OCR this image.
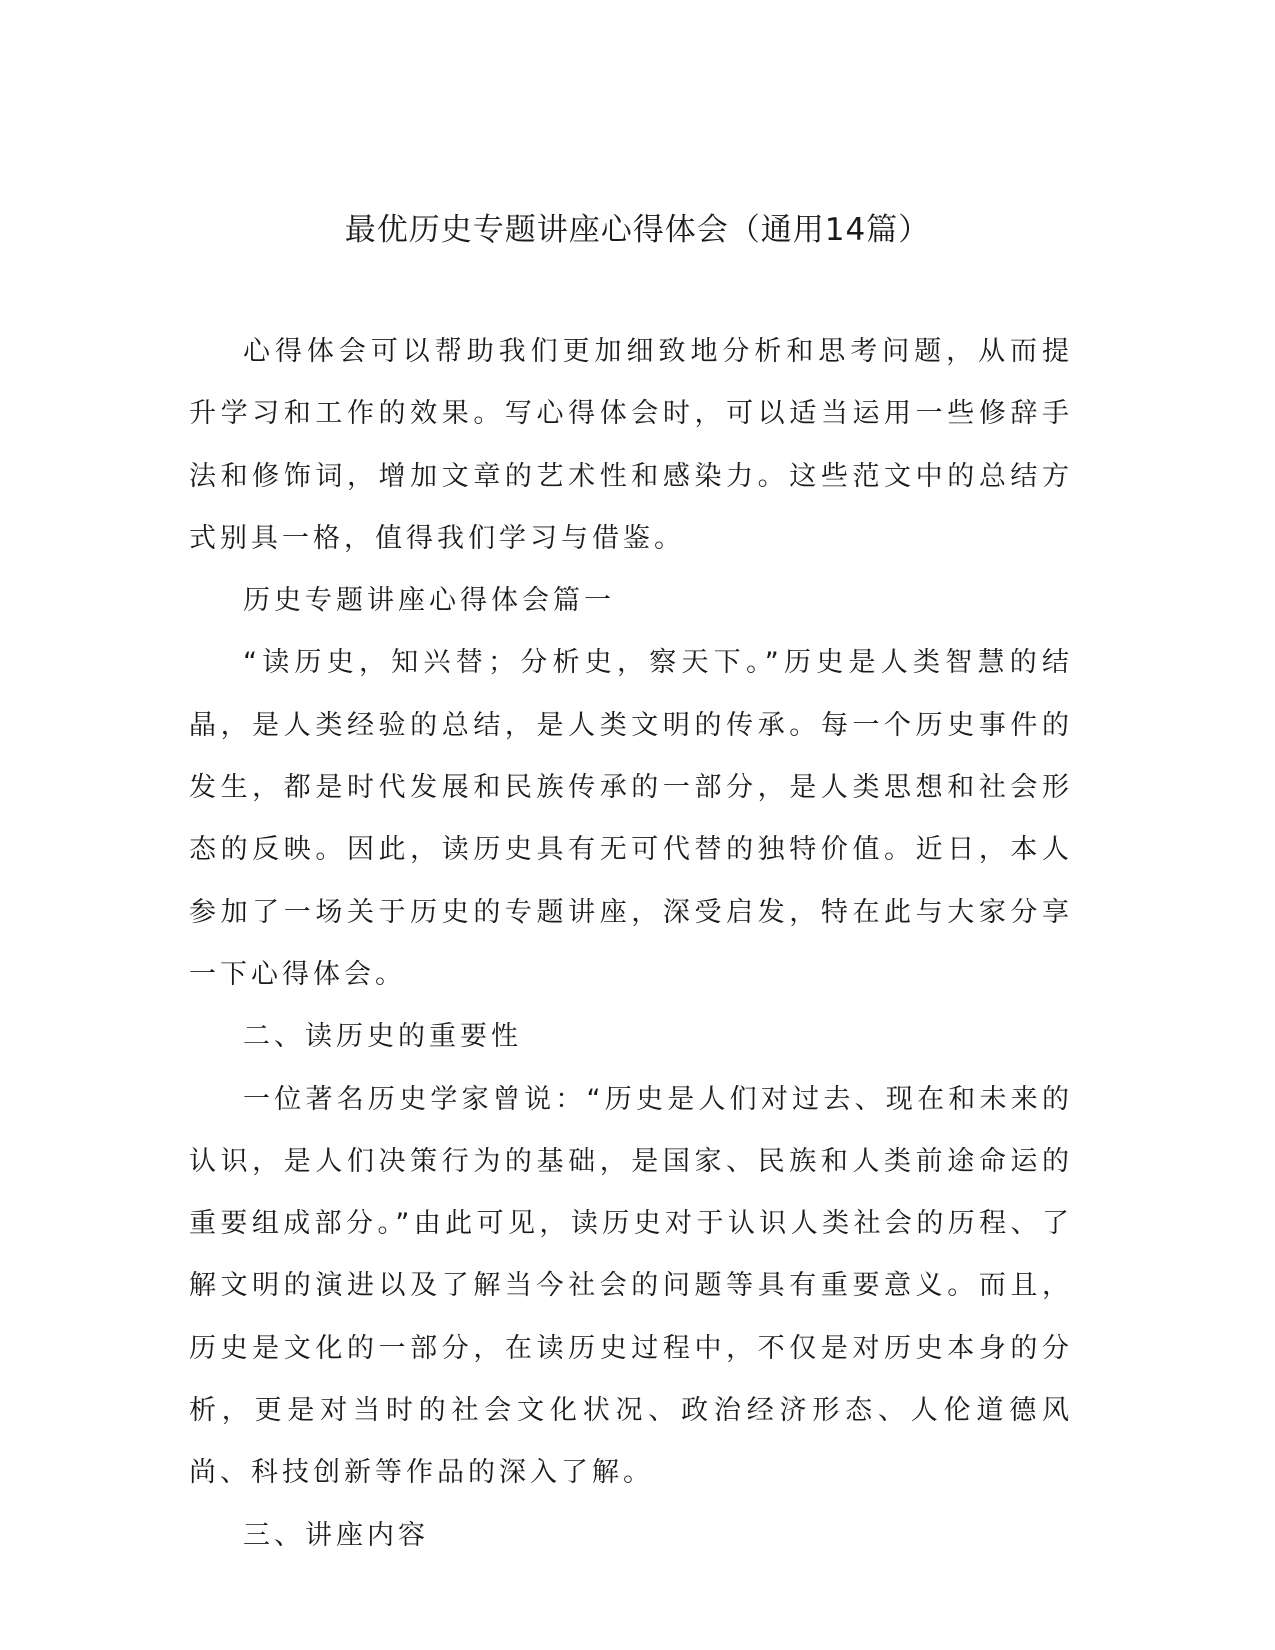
最优历史专题讲座心得体会（通用14篇）

心得体会可以帮助我们更加细致地分析和思考问题，从而提升学习和工作的效果。写心得体会时，可以适当运用一些修辞手法和修饰词，增加文章的艺术性和感染力。这些范文中的总结方式别具一格，值得我们学习与借鉴。

历史专题讲座心得体会篇一

“读历史，知兴替；分析史，察天下。”历史是人类智慧的结晶，是人类经验的总结，是人类文明的传承。每一个历史事件的发生，都是时代发展和民族传承的一部分，是人类思想和社会形态的反映。因此，读历史具有无可代替的独特价值。近日，本人参加了一场关于历史的专题讲座，深受启发，特在此与大家分享一下心得体会。

二、读历史的重要性

一位著名历史学家曾说：“历史是人们对过去、现在和未来的认识，是人们决策行为的基础，是国家、民族和人类前途命运的重要组成部分。”由此可见，读历史对于认识人类社会的历程、了解文明的演进以及了解当今社会的问题等具有重要意义。而且，历史是文化的一部分，在读历史过程中，不仅是对历史本身的分析，更是对当时的社会文化状况、政治经济形态、人伦道德风尚、科技创新等作品的深入了解。

三、讲座内容
